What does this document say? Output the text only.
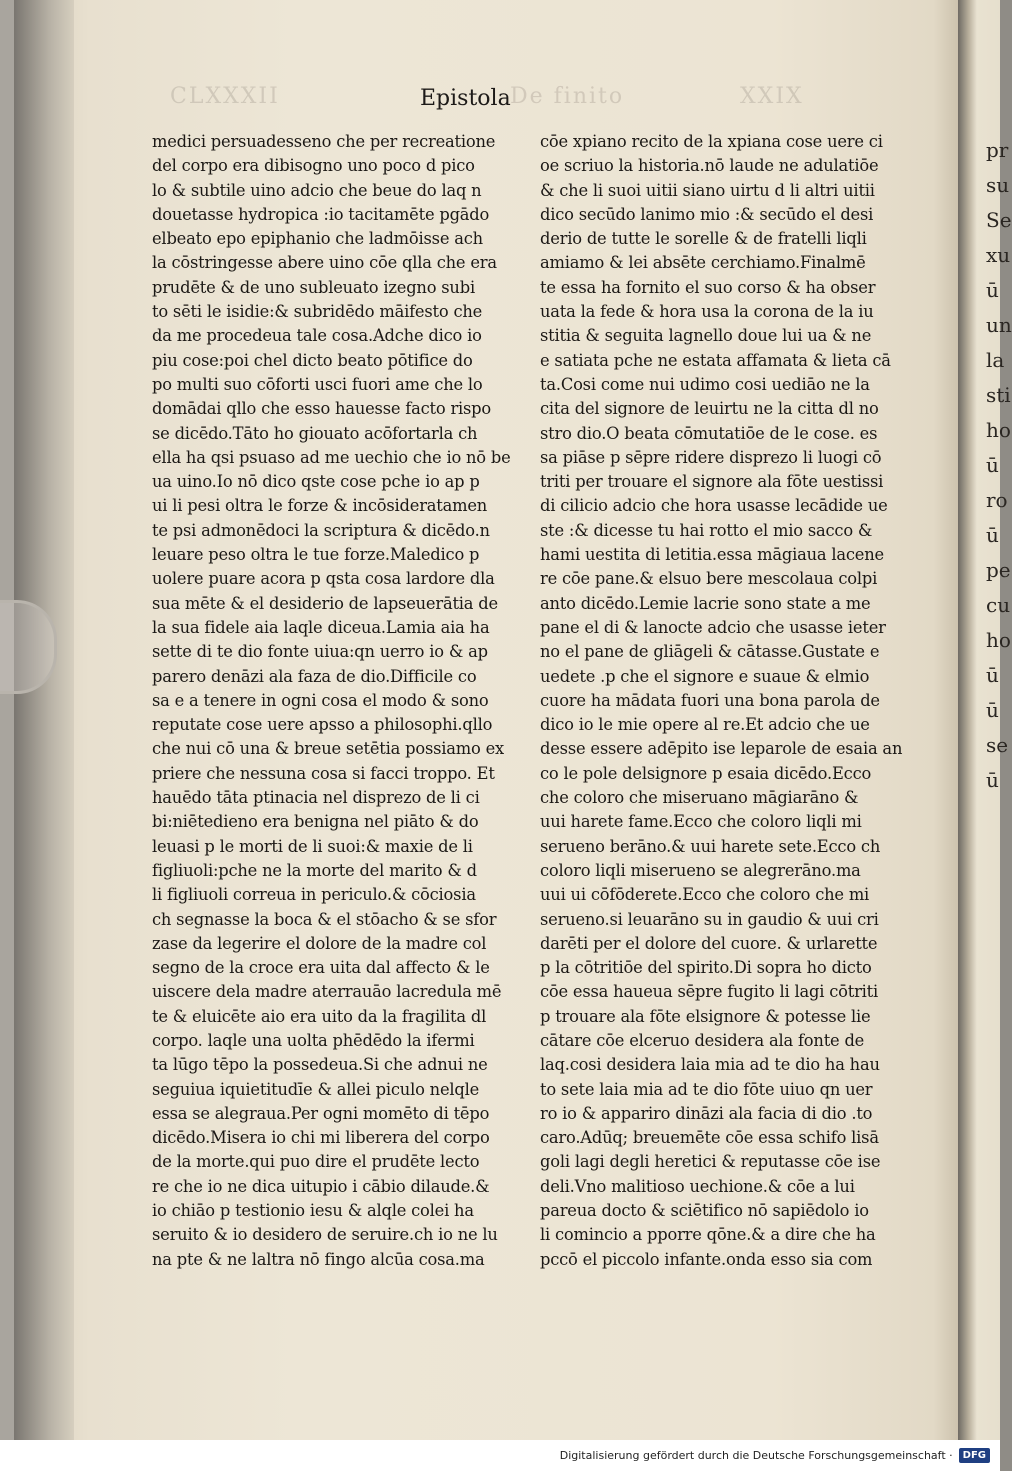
CLXXXII	De finito	XXIX
Epistola
medici persuadesseno che per recreatione
del corpo era dibisogno uno poco d pico
lo & subtile uino adcio che beue do laq n
douetasse hydropica :io tacitamēte pgādo
elbeato epo epiphanio che ladmōisse ach
la cōstringesse abere uino cōe qlla che era
prudēte & de uno subleuato izegno subi
to sēti le isidie:& subridēdo māifesto che
da me procedeua tale cosa.Adche dico io
piu cose:poi chel dicto beato pōtifice do
po multi suo cōforti usci fuori ame che lo
domādai qllo che esso hauesse facto rispo
se dicēdo.Tāto ho giouato acōfortarla ch
ella ha qsi psuaso ad me uechio che io nō be
ua uino.Io nō dico qste cose pche io ap p
ui li pesi oltra le forze & incōsideratamen
te psi admonēdoci la scriptura & dicēdo.n
leuare peso oltra le tue forze.Maledico p
uolere puare acora p qsta cosa lardore dla
sua mēte & el desiderio de lapseuerātia de
la sua fidele aia laqle diceua.Lamia aia ha
sette di te dio fonte uiua:qn uerro io & ap
parero denāzi ala faza de dio.Difficile co
sa e a tenere in ogni cosa el modo & sono
reputate cose uere apsso a philosophi.qllo
che nui cō una & breue setētia possiamo ex
priere che nessuna cosa si facci troppo. Et
hauēdo tāta ptinacia nel disprezo de li ci
bi:niētedieno era benigna nel piāto & do
leuasi p le morti de li suoi:& maxie de li
figliuoli:pche ne la morte del marito & d
li figliuoli correua in periculo.& cōciosia
ch segnasse la boca & el stōacho & se sfor
zase da legerire el dolore de la madre col
segno de la croce era uita dal affecto & le
uiscere dela madre aterrauāo lacredula mē
te & eluicēte aio era uito da la fragilita dl
corpo. laqle una uolta phēdēdo la ifermi
ta lūgo tēpo la possedeua.Si che adnui ne
seguiua iquietitudīe & allei piculo nelqle
essa se alegraua.Per ogni momēto di tēpo
dicēdo.Misera io chi mi liberera del corpo
de la morte.qui puo dire el prudēte lecto
re che io ne dica uitupio i cābio dilaude.&
io chiāo p testionio iesu & alqle colei ha
seruito & io desidero de seruire.ch io ne lu
na pte & ne laltra nō fingo alcūa cosa.ma
cōe xpiano recito de la xpiana cose uere ci
oe scriuo la historia.nō laude ne adulatiōe
& che li suoi uitii siano uirtu d li altri uitii
dico secūdo lanimo mio :& secūdo el desi
derio de tutte le sorelle & de fratelli liqli
amiamo & lei absēte cerchiamo.Finalmē
te essa ha fornito el suo corso & ha obser
uata la fede & hora usa la corona de la iu
stitia & seguita lagnello doue lui ua & ne
e satiata pche ne estata affamata & lieta cā
ta.Cosi come nui udimo cosi uediāo ne la
cita del signore de leuirtu ne la citta dl no
stro dio.O beata cōmutatiōe de le cose. es
sa piāse p sēpre ridere disprezo li luogi cō
triti per trouare el signore ala fōte uestissi
di cilicio adcio che hora usasse lecādide ue
ste :& dicesse tu hai rotto el mio sacco &
hami uestita di letitia.essa māgiaua lacene
re cōe pane.& elsuo bere mescolaua colpi
anto dicēdo.Lemie lacrie sono state a me
pane el di & lanocte adcio che usasse ieter
no el pane de gliāgeli & cātasse.Gustate e
uedete .p che el signore e suaue & elmio
cuore ha mādata fuori una bona parola de
dico io le mie opere al re.Et adcio che ue
desse essere adēpito ise leparole de esaia an
co le pole delsignore p esaia dicēdo.Ecco
che coloro che miseruano māgiarāno &
uui harete fame.Ecco che coloro liqli mi
serueno berāno.& uui harete sete.Ecco ch
coloro liqli miserueno se alegrerāno.ma
uui ui cōfōderete.Ecco che coloro che mi
serueno.si leuarāno su in gaudio & uui cri
darēti per el dolore del cuore. & urlarette
p la cōtritiōe del spirito.Di sopra ho dicto
cōe essa haueua sēpre fugito li lagi cōtriti
p trouare ala fōte elsignore & potesse lie
cātare cōe elceruo desidera ala fonte de
laq.cosi desidera laia mia ad te dio ha hau
to sete laia mia ad te dio fōte uiuo qn uer
ro io & appariro dināzi ala facia di dio .to
caro.Adūq; breuemēte cōe essa schifo lisā
goli lagi degli heretici & reputasse cōe ise
deli.Vno malitioso uechione.& cōe a lui
pareua docto & sciētifico nō sapiēdolo io
li comincio a pporre qōne.& a dire che ha
pccō el piccolo infante.onda esso sia com
pr
su
Se
xu
ū
un
la
sti
ho
ū
ro
ū
pe
cu
ho
ū
ū
se
ū
Digitalisierung gefördert durch die Deutsche Forschungsgemeinschaft ·	DFG
